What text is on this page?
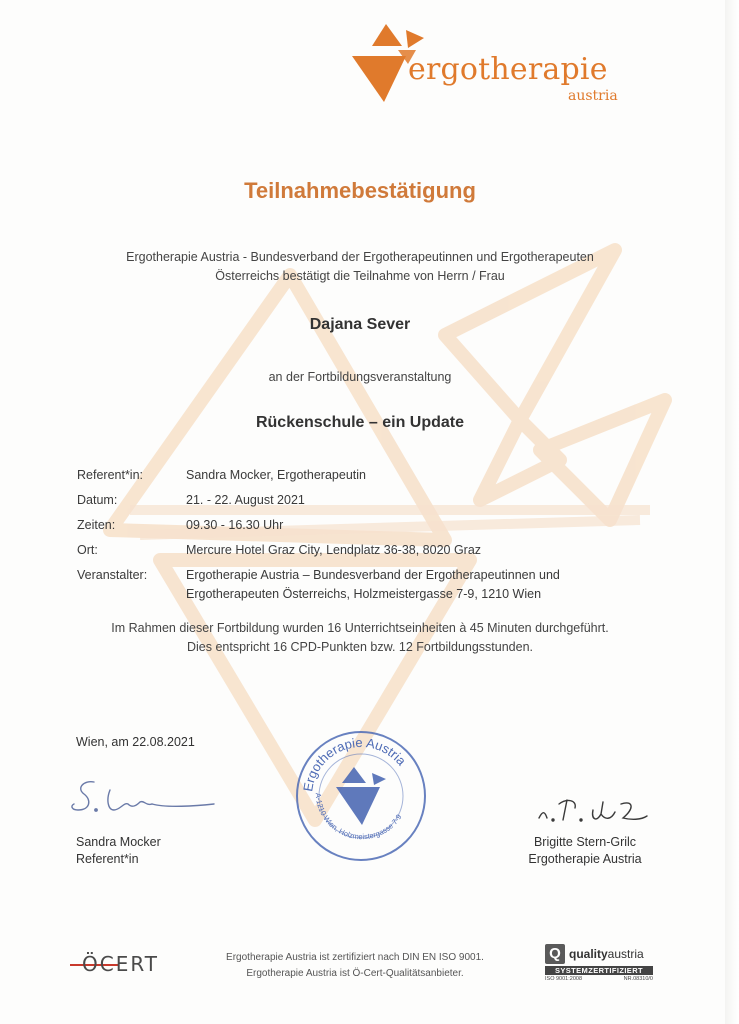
ergotherapie
austria
Teilnahmebestätigung
Ergotherapie Austria - Bundesverband der Ergotherapeutinnen und Ergotherapeuten
Österreichs bestätigt die Teilnahme von Herrn / Frau
Dajana Sever
an der Fortbildungsveranstaltung
Rückenschule – ein Update
Referent*in:	Sandra Mocker, Ergotherapeutin
Datum:	21. - 22. August 2021
Zeiten:	09.30 - 16.30 Uhr
Ort:	Mercure Hotel Graz City, Lendplatz 36-38, 8020 Graz
Veranstalter:	Ergotherapie Austria – Bundesverband der Ergotherapeutinnen und
Ergotherapeuten Österreichs, Holzmeistergasse 7-9, 1210 Wien
Im Rahmen dieser Fortbildung wurden 16 Unterrichtseinheiten à 45 Minuten durchgeführt.
Dies entspricht 16 CPD-Punkten bzw. 12 Fortbildungsstunden.
Wien, am 22.08.2021
Ergotherapie Austria
A-1210 Wien, Holzmeistergasse 7-9
Sandra Mocker
Referent*in
Brigitte Stern-Grilc
Ergotherapie Austria
ÖCERT	Ergotherapie Austria ist zertifiziert nach DIN EN ISO 9001.
Ergotherapie Austria ist Ö-Cert-Qualitätsanbieter.
Q qualityaustria
SYSTEMZERTIFIZIERT
ISO 9001:2008	NR.08310/0
